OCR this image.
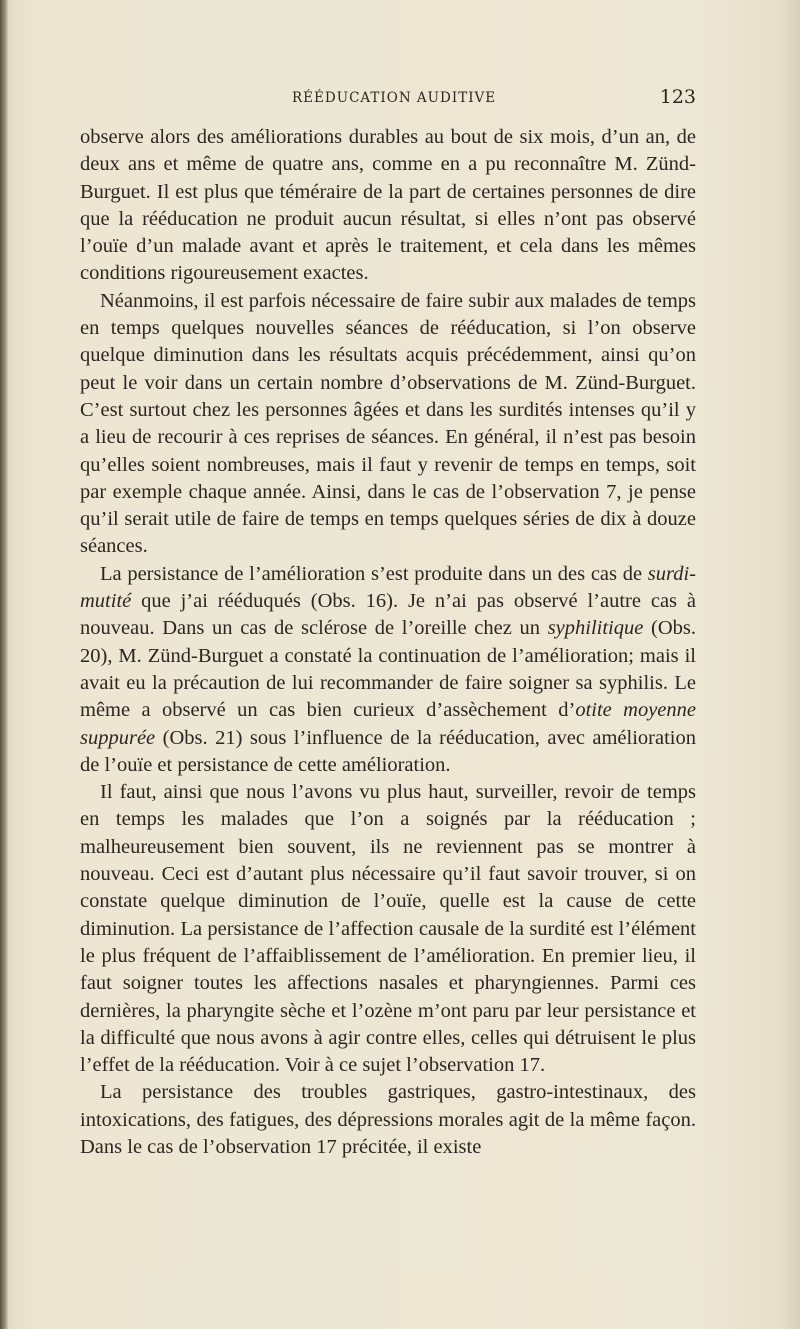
RÉÉDUCATION AUDITIVE	123

observe alors des améliorations durables au bout de six mois, d’un an, de deux ans et même de quatre ans, comme en a pu reconnaître M. Zünd-Burguet. Il est plus que téméraire de la part de certaines personnes de dire que la rééducation ne produit aucun résultat, si elles n’ont pas observé l’ouïe d’un malade avant et après le traitement, et cela dans les mêmes conditions rigoureusement exactes.

Néanmoins, il est parfois nécessaire de faire subir aux malades de temps en temps quelques nouvelles séances de rééducation, si l’on observe quelque diminution dans les résultats acquis précédemment, ainsi qu’on peut le voir dans un certain nombre d’observations de M. Zünd-Burguet. C’est surtout chez les personnes âgées et dans les surdités intenses qu’il y a lieu de recourir à ces reprises de séances. En général, il n’est pas besoin qu’elles soient nombreuses, mais il faut y revenir de temps en temps, soit par exemple chaque année. Ainsi, dans le cas de l’observation 7, je pense qu’il serait utile de faire de temps en temps quelques séries de dix à douze séances.

La persistance de l’amélioration s’est produite dans un des cas de surdi-mutité que j’ai rééduqués (Obs. 16). Je n’ai pas observé l’autre cas à nouveau. Dans un cas de sclérose de l’oreille chez un syphilitique (Obs. 20), M. Zünd-Burguet a constaté la continuation de l’amélioration; mais il avait eu la précaution de lui recommander de faire soigner sa syphilis. Le même a observé un cas bien curieux d’assèchement d’otite moyenne suppurée (Obs. 21) sous l’influence de la rééducation, avec amélioration de l’ouïe et persistance de cette amélioration.

Il faut, ainsi que nous l’avons vu plus haut, surveiller, revoir de temps en temps les malades que l’on a soignés par la rééducation ; malheureusement bien souvent, ils ne reviennent pas se montrer à nouveau. Ceci est d’autant plus nécessaire qu’il faut savoir trouver, si on constate quelque diminution de l’ouïe, quelle est la cause de cette diminution. La persistance de l’affection causale de la surdité est l’élément le plus fréquent de l’affaiblissement de l’amélioration. En premier lieu, il faut soigner toutes les affections nasales et pharyngiennes. Parmi ces dernières, la pharyngite sèche et l’ozène m’ont paru par leur persistance et la difficulté que nous avons à agir contre elles, celles qui détruisent le plus l’effet de la rééducation. Voir à ce sujet l’observation 17.

La persistance des troubles gastriques, gastro-intestinaux, des intoxications, des fatigues, des dépressions morales agit de la même façon. Dans le cas de l’observation 17 précitée, il existe
